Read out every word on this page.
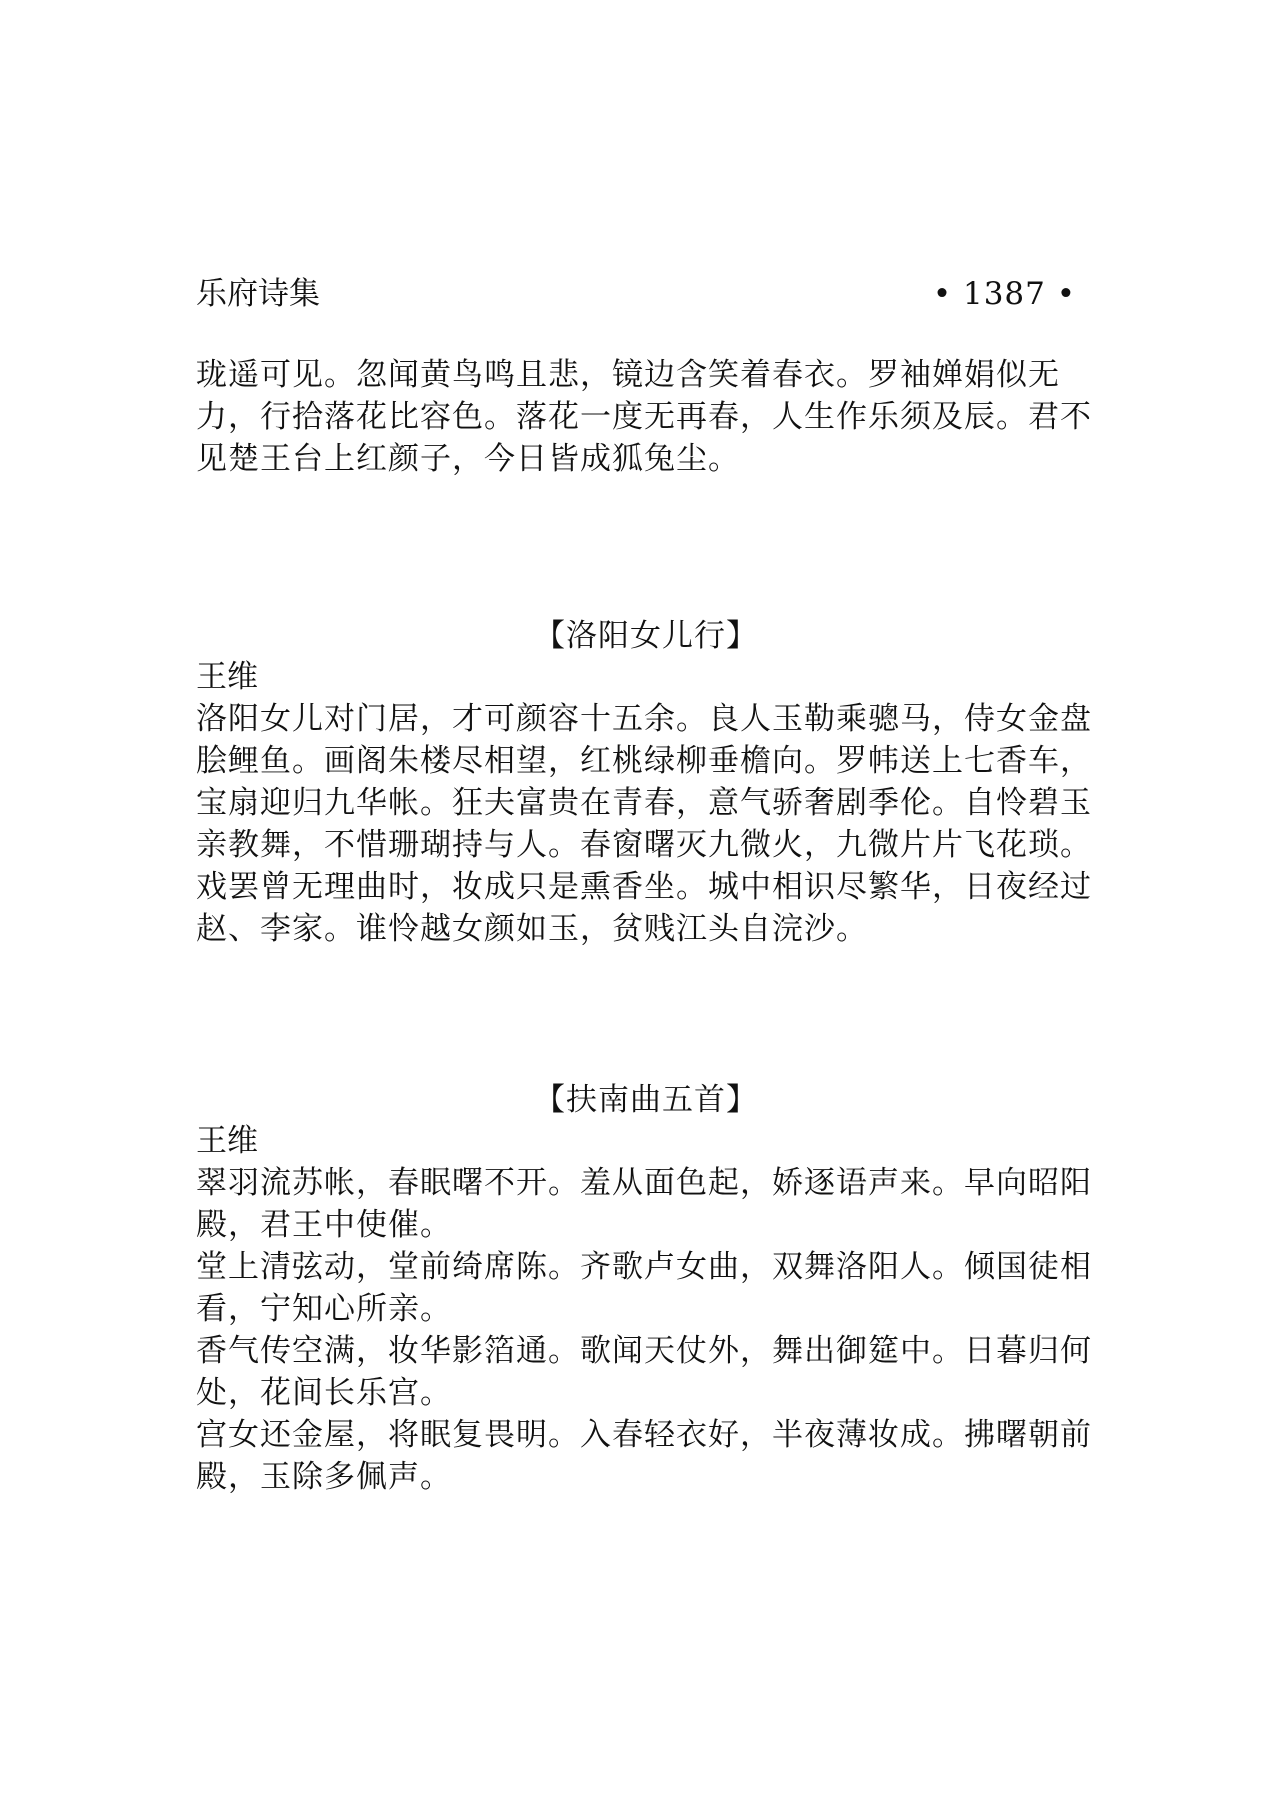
乐府诗集	• 1387 •

珑遥可见。忽闻黄鸟鸣且悲，镜边含笑着春衣。罗袖婵娟似无力，行拾落花比容色。落花一度无再春，人生作乐须及辰。君不见楚王台上红颜子，今日皆成狐兔尘。

【洛阳女儿行】
王维

洛阳女儿对门居，才可颜容十五余。良人玉勒乘骢马，侍女金盘脍鲤鱼。画阁朱楼尽相望，红桃绿柳垂檐向。罗帏送上七香车，宝扇迎归九华帐。狂夫富贵在青春，意气骄奢剧季伦。自怜碧玉亲教舞，不惜珊瑚持与人。春窗曙灭九微火，九微片片飞花琐。戏罢曾无理曲时，妆成只是熏香坐。城中相识尽繁华，日夜经过赵、李家。谁怜越女颜如玉，贫贱江头自浣沙。

【扶南曲五首】
王维

翠羽流苏帐，春眠曙不开。羞从面色起，娇逐语声来。早向昭阳殿，君王中使催。

堂上清弦动，堂前绮席陈。齐歌卢女曲，双舞洛阳人。倾国徒相看，宁知心所亲。

香气传空满，妆华影箔通。歌闻天仗外，舞出御筵中。日暮归何处，花间长乐宫。

宫女还金屋，将眠复畏明。入春轻衣好，半夜薄妆成。拂曙朝前殿，玉除多佩声。
